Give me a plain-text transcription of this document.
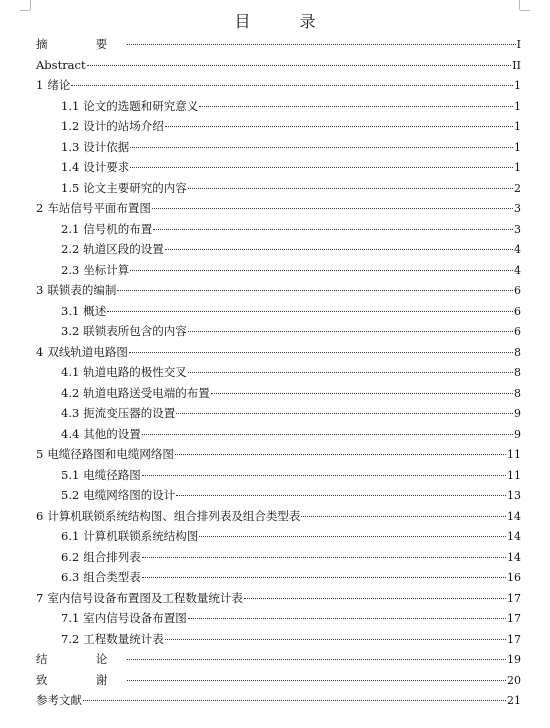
目 录
摘　要	I
Abstract	II
1 绪论	1
1.1 论文的选题和研究意义	1
1.2 设计的站场介绍	1
1.3 设计依据	1
1.4 设计要求	1
1.5 论文主要研究的内容	2
2 车站信号平面布置图	3
2.1 信号机的布置	3
2.2 轨道区段的设置	4
2.3 坐标计算	4
3 联锁表的编制	6
3.1 概述	6
3.2 联锁表所包含的内容	6
4 双线轨道电路图	8
4.1 轨道电路的极性交叉	8
4.2 轨道电路送受电端的布置	8
4.3 扼流变压器的设置	9
4.4 其他的设置	9
5 电缆径路图和电缆网络图	11
5.1 电缆径路图	11
5.2 电缆网络图的设计	13
6 计算机联锁系统结构图、组合排列表及组合类型表	14
6.1 计算机联锁系统结构图	14
6.2 组合排列表	14
6.3 组合类型表	16
7 室内信号设备布置图及工程数量统计表	17
7.1 室内信号设备布置图	17
7.2 工程数量统计表	17
结　论	19
致　谢	20
参考文献	21
